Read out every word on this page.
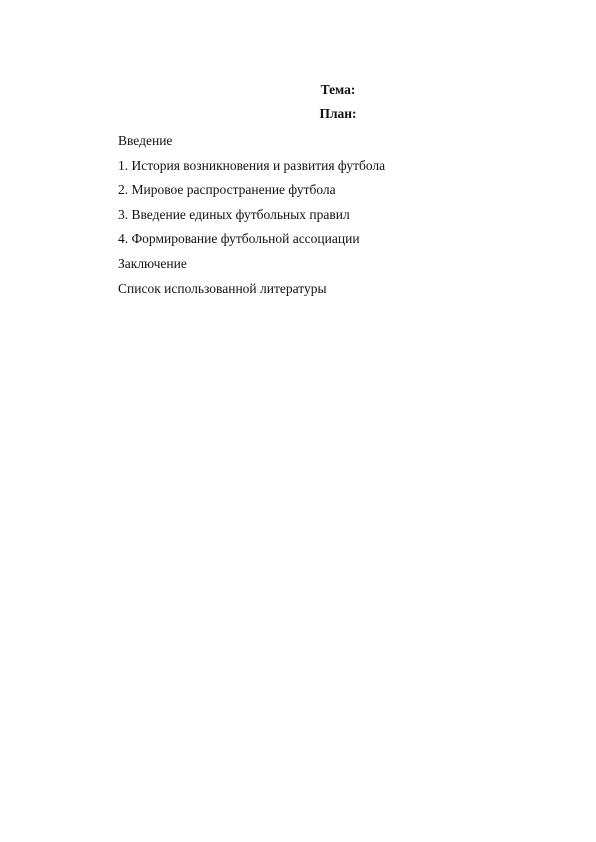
Тема:
План:
Введение
1. История возникновения и развития футбола
2. Мировое распространение футбола
3. Введение единых футбольных правил
4. Формирование футбольной ассоциации
Заключение
Список использованной литературы
